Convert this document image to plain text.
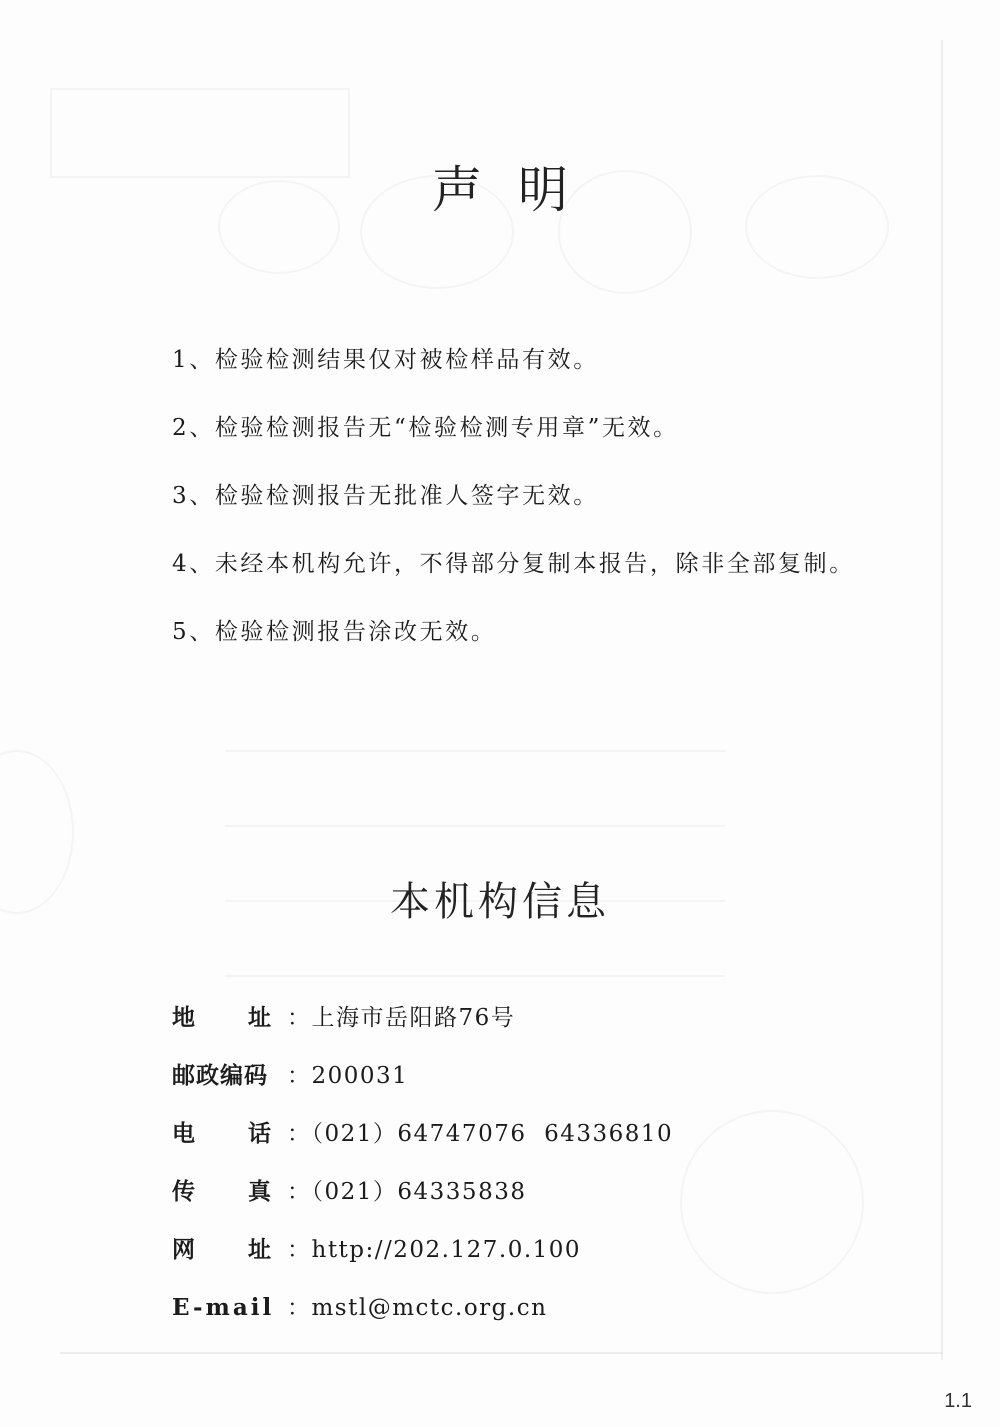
声明
1、检验检测结果仅对被检样品有效。
2、检验检测报告无“检验检测专用章”无效。
3、检验检测报告无批准人签字无效。
4、未经本机构允许，不得部分复制本报告，除非全部复制。
5、检验检测报告涂改无效。
本机构信息
地 址 ：上海市岳阳路76号
邮政编码 ：200031
电 话 ：（021）64747076  64336810
传 真 ：（021）64335838
网 址 ：http://202.127.0.100
E-mail ：mstl@mctc.org.cn
1.1
